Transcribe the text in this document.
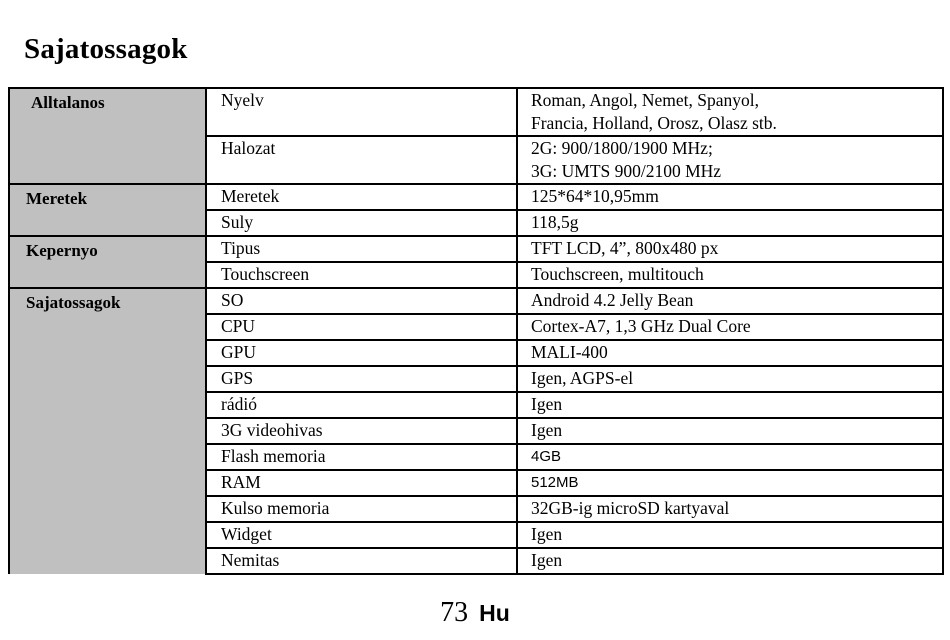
Sajatossagok
Alltalanos	Nyelv	Roman, Angol, Nemet, Spanyol,
Francia, Holland, Orosz, Olasz stb.
	Halozat	2G: 900/1800/1900 MHz;
3G: UMTS 900/2100 MHz
Meretek	Meretek	125*64*10,95mm
	Suly	118,5g
Kepernyo	Tipus	TFT LCD, 4”, 800x480 px
	Touchscreen	Touchscreen, multitouch
Sajatossagok	SO	Android 4.2 Jelly Bean
	CPU	Cortex-A7, 1,3 GHz Dual Core
	GPU	MALI-400
	GPS	Igen, AGPS-el
	rádió	Igen
	3G videohivas	Igen
	Flash memoria	4GB
	RAM	512MB
	Kulso memoria	32GB-ig microSD kartyaval
	Widget	Igen
	Nemitas	Igen
73 Hu
